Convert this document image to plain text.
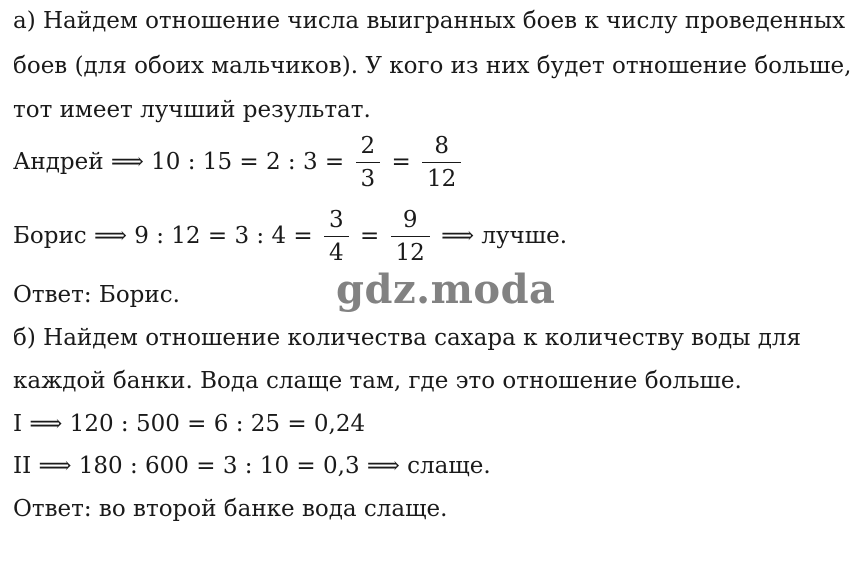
а) Найдем отношение числа выигранных боев к числу проведенных
боев (для обоих мальчиков). У кого из них будет отношение больше,
тот имеет лучший результат.
Андрей ⟹ 10 : 15 = 2 : $3 = \frac{2}{3} = \frac{8}{12}$
Борис ⟹ 9 : 12 = 3 : $4 = \frac{3}{4} = \frac{9}{12}$ ⟹ лучше.
Ответ: Борис.	gdz.moda
б) Найдем отношение количества сахара к количеству воды для
каждой банки. Вода слаще там, где это отношение больше.
I ⟹ 120 : 500 = 6 : 25 = 0,24
II ⟹ 180 : 600 = 3 : 10 = 0,3 ⟹ слаще.
Ответ: во второй банке вода слаще.
